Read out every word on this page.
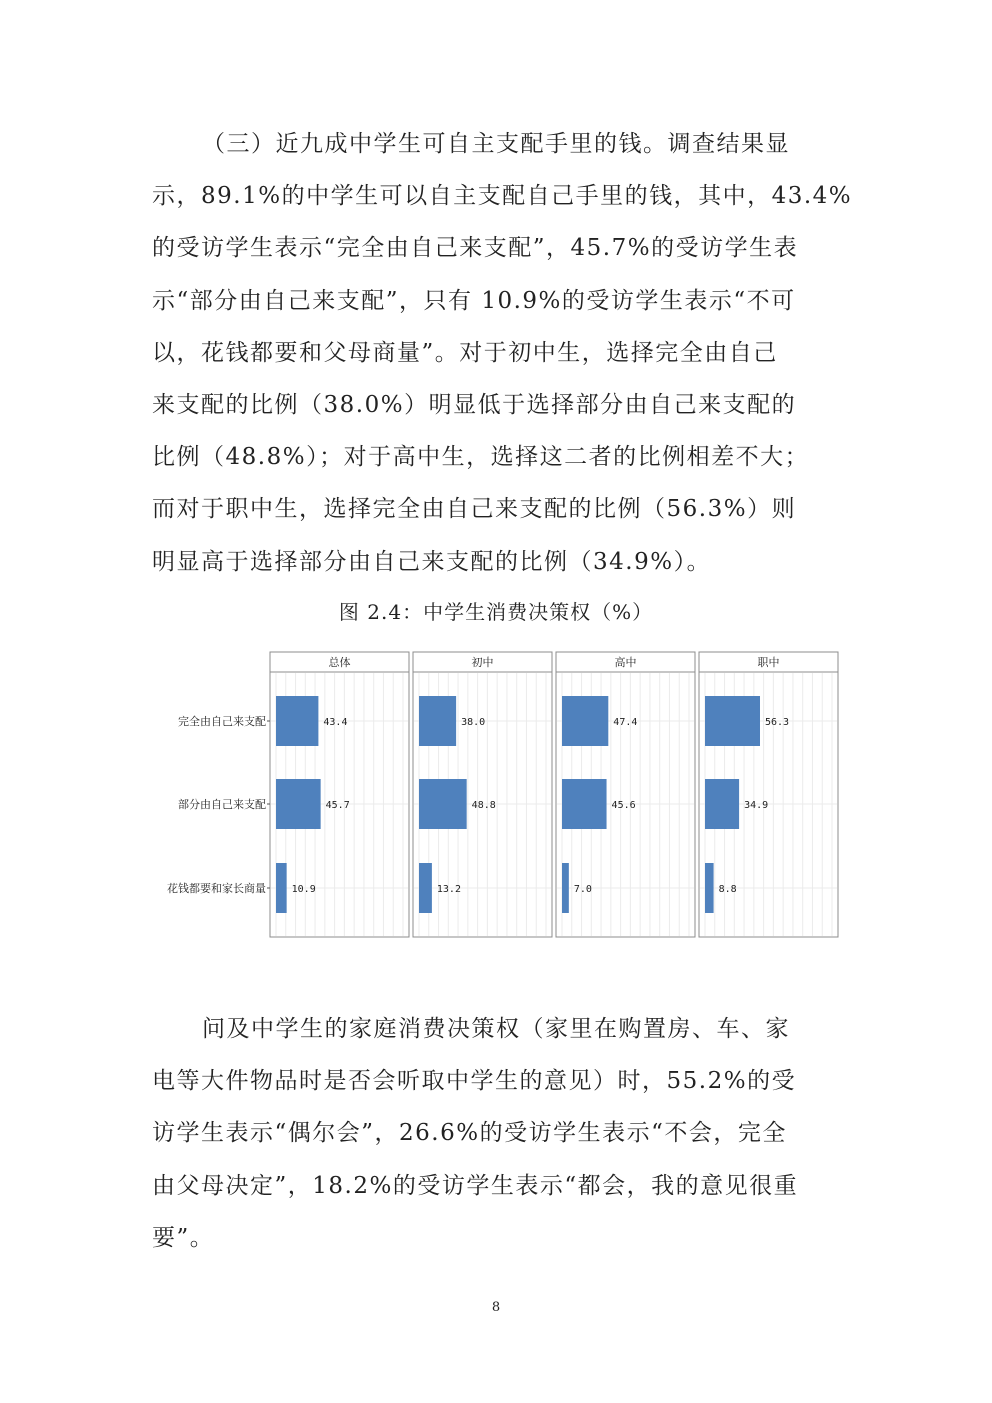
（三）近九成中学生可自主支配手里的钱。调查结果显
示，89.1%的中学生可以自主支配自己手里的钱，其中，43.4%
的受访学生表示“完全由自己来支配”，45.7%的受访学生表
示“部分由自己来支配”，只有 10.9%的受访学生表示“不可
以，花钱都要和父母商量”。对于初中生，选择完全由自己
来支配的比例（38.0%）明显低于选择部分由自己来支配的
比例（48.8%）；对于高中生，选择这二者的比例相差不大；
而对于职中生，选择完全由自己来支配的比例（56.3%）则
明显高于选择部分由自己来支配的比例（34.9%）。
图 2.4：中学生消费决策权（%）
总体
43.4
45.7
10.9
初中
38.0
48.8
13.2
高中
47.4
45.6
7.0
职中
56.3
34.9
8.8
完全由自己来支配
部分由自己来支配
花钱都要和家长商量
问及中学生的家庭消费决策权（家里在购置房、车、家
电等大件物品时是否会听取中学生的意见）时，55.2%的受
访学生表示“偶尔会”，26.6%的受访学生表示“不会，完全
由父母决定”，18.2%的受访学生表示“都会，我的意见很重
要”。
8
